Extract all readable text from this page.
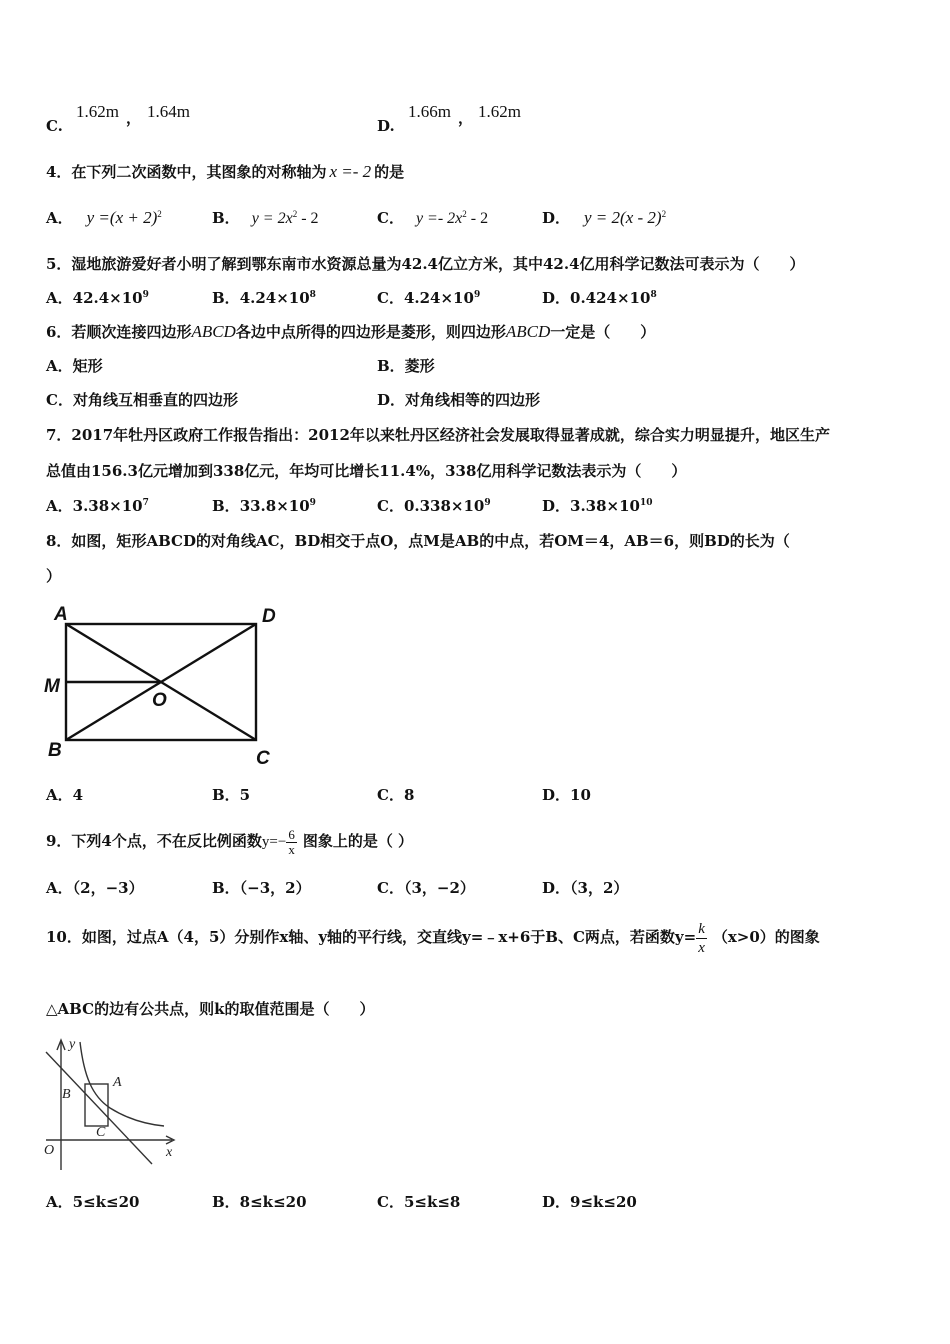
C.
1.62m ， 1.64m
D.
1.66m ， 1.62m
4．在下列二次函数中，其图象的对称轴为 x =- 2 的是
A． $y =(x + 2)^2$	B． $y = 2x^2 - 2$	C． $y =- 2x^2 - 2$	D． y = 2(x - 2)$^2$
5．湿地旅游爱好者小明了解到鄂东南市水资源总量为42.4亿立方米，其中42.4亿用科学记数法可表示为（　　）
A．$42.4\times 10^9$	B．$4.24\times 10^8$	C．$4.24\times 10^9$	D．$0.424\times 10^8$
6．若顺次连接四边形ABCD各边中点所得的四边形是菱形，则四边形ABCD一定是（　　）
A．矩形	B．菱形
C．对角线互相垂直的四边形	D．对角线相等的四边形
7．2017年牡丹区政府工作报告指出：2012年以来牡丹区经济社会发展取得显著成就，综合实力明显提升，地区生产
总值由156.3亿元增加到338亿元，年均可比增长11.4%，338亿用科学记数法表示为（　　）
A．$3.38\times 10^7$	B．$33.8\times 10^9$	C．$0.338\times 10^9$	D．$3.38\times 10^{10}$
8．如图，矩形ABCD的对角线AC，BD相交于点O，点M是AB的中点，若OM＝4，AB＝6，则BD的长为（
）
A	D
M
O
B	C
A．4	B．5	C．8	D．10
9．下列4个点，不在反比例函数$y=- \frac{6}{x}$ 图象上的是（ ）
A．（2，−3）	B．（−3，2）	C．（3，−2）	D．（3，2）
10．如图，过点A（4，5）分别作x轴、y轴的平行线，交直线y=﹣x+6于B、C两点，若函数$y= \frac{k}{x} (x>0)$的图象
△ABC的边有公共点，则k的取值范围是（　　）
y
x
O
A
B
C
A．5≤k≤20	B．8≤k≤20	C．5≤k≤8	D．9≤k≤20
